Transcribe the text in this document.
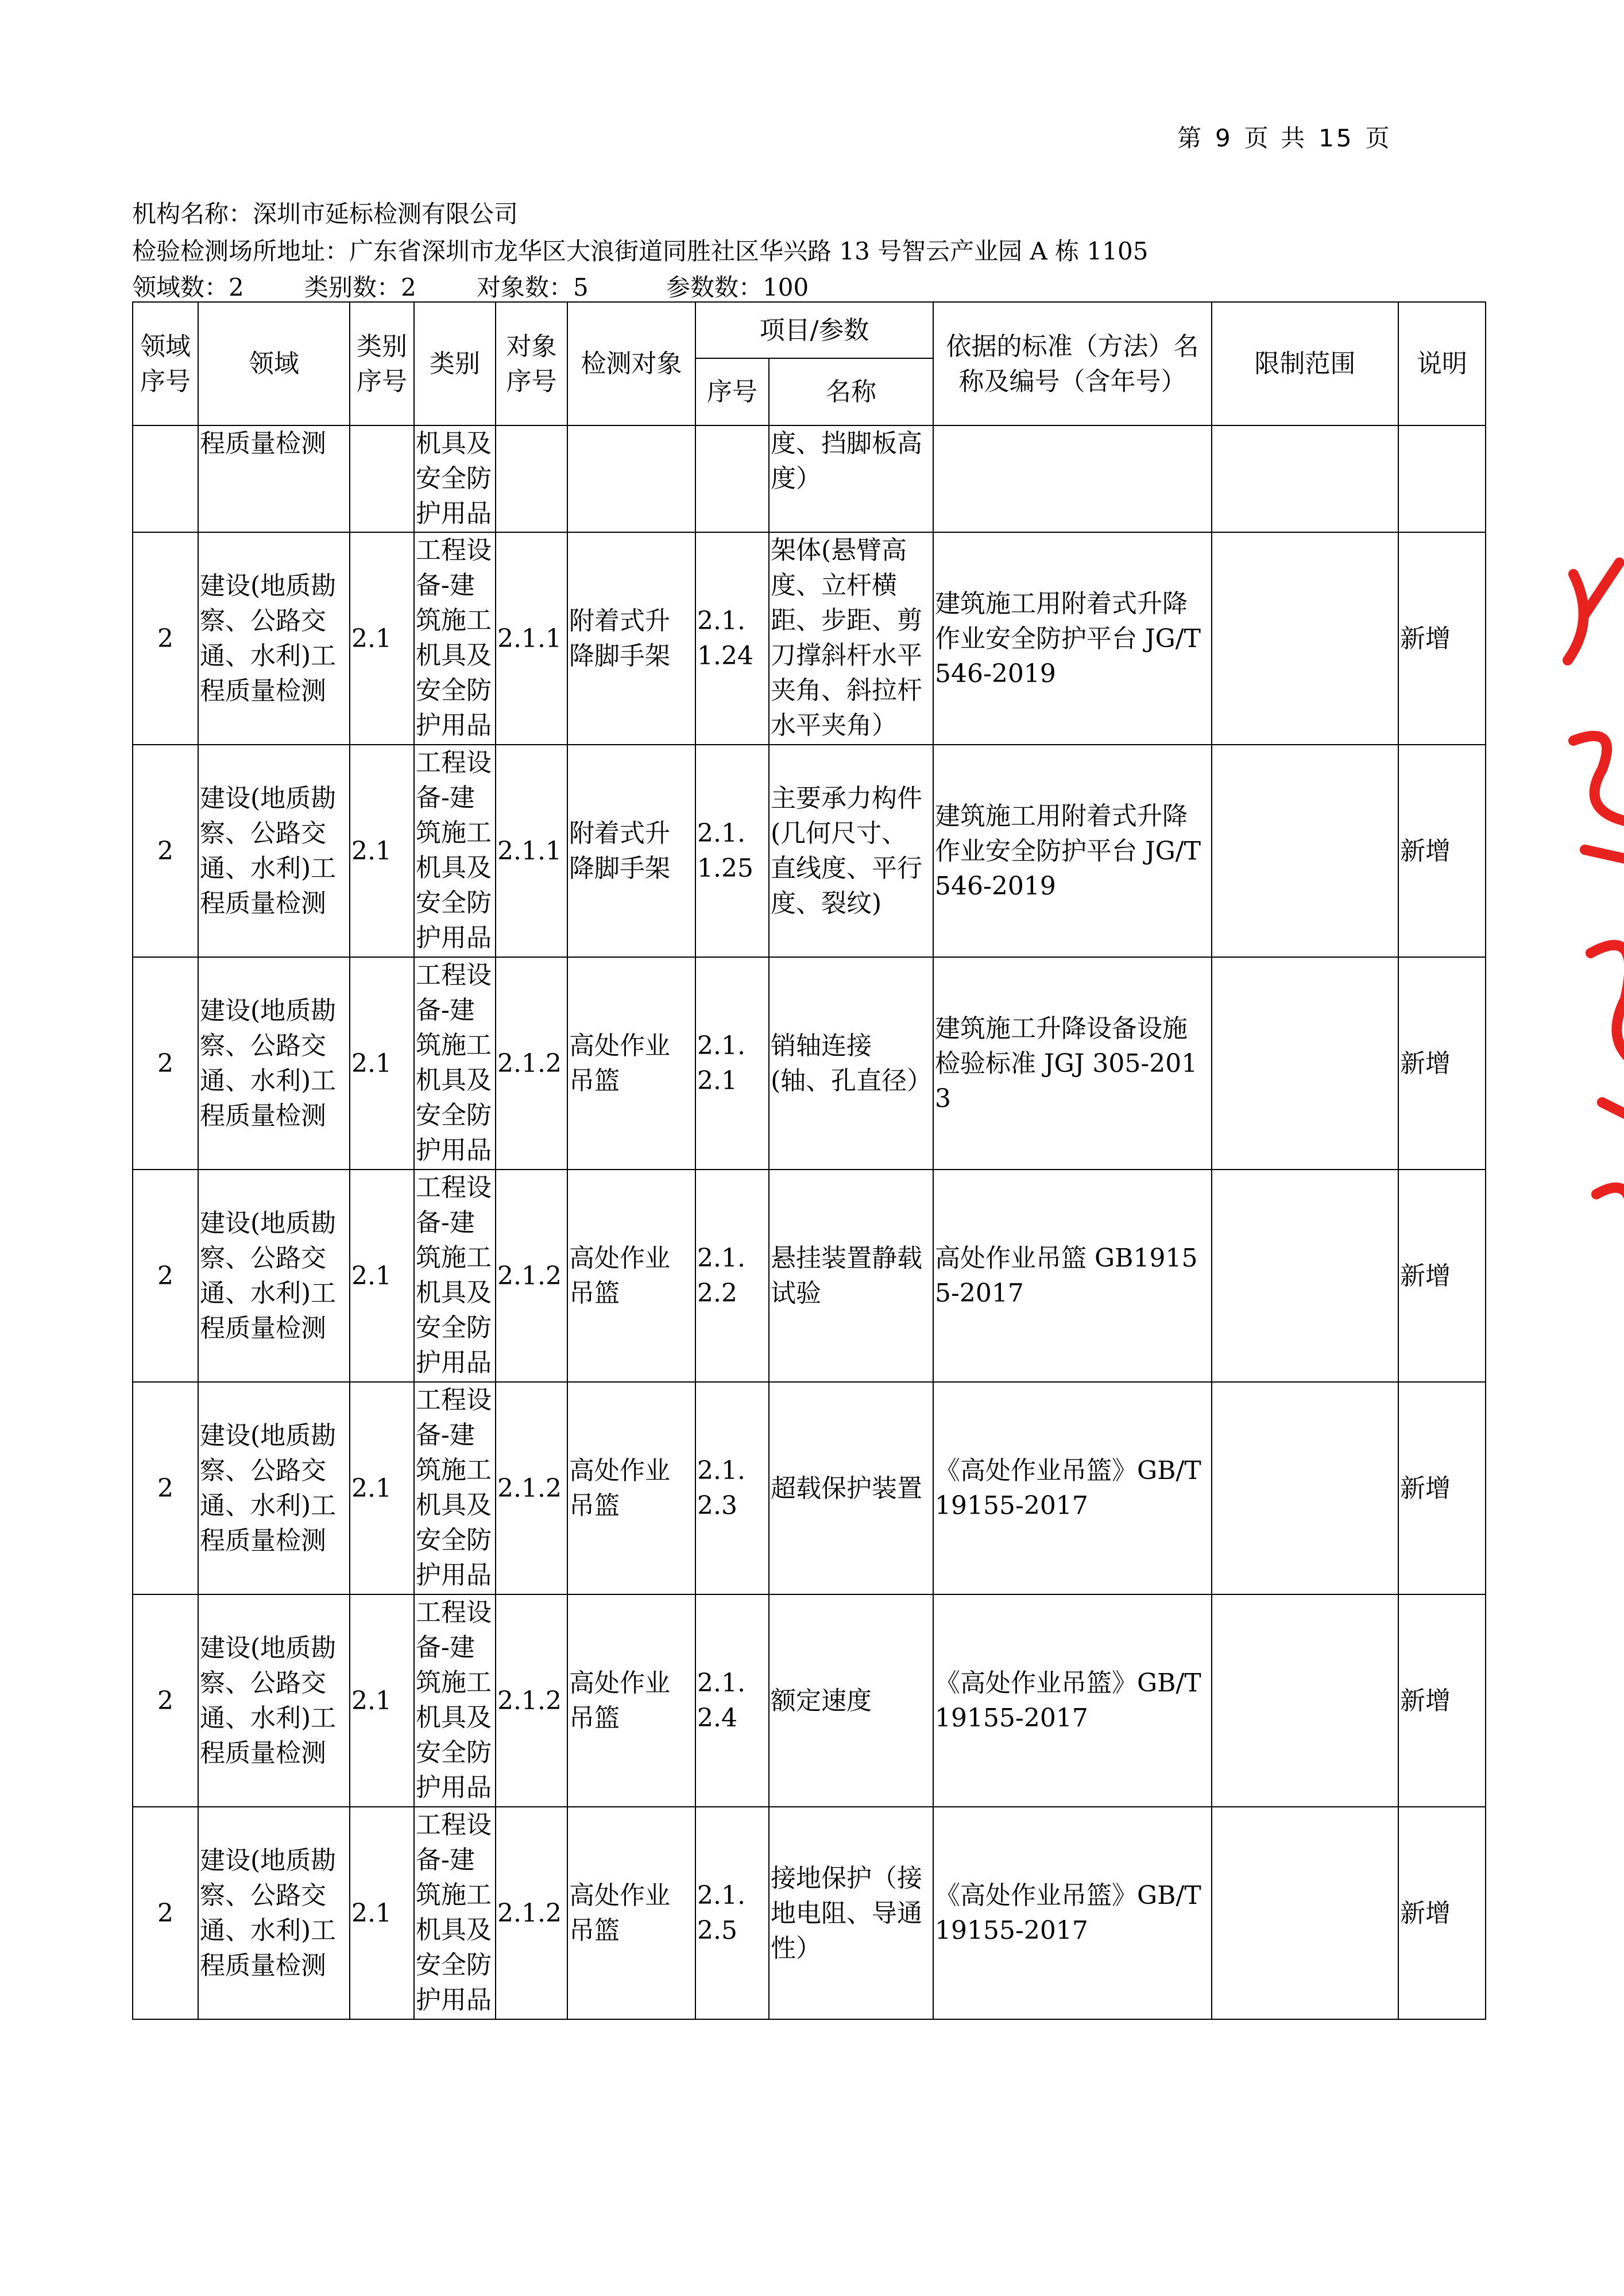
第 9 页 共 15 页
机构名称：深圳市延标检测有限公司
检验检测场所地址：广东省深圳市龙华区大浪街道同胜社区华兴路 13 号智云产业园 A 栋 1105
领域数：2	类别数：2	对象数：5	参数数：100
领域序号	领域	类别序号	类别	对象序号	检测对象	项目/参数		依据的标准（方法）名称及编号（含年号）	限制范围	说明
						序号	名称			
	程质量检测		机具及安全防护用品				度、挡脚板高度）			
2	建设(地质勘察、公路交通、水利)工程质量检测	2.1	工程设备-建筑施工机具及安全防护用品	2.1.1	附着式升降脚手架	2.1.1.24	架体(悬臂高度、立杆横距、步距、剪刀撑斜杆水平夹角、斜拉杆水平夹角）	建筑施工用附着式升降作业安全防护平台 JG/T 546-2019		新增
2	建设(地质勘察、公路交通、水利)工程质量检测	2.1	工程设备-建筑施工机具及安全防护用品	2.1.1	附着式升降脚手架	2.1.1.25	主要承力构件(几何尺寸、直线度、平行度、裂纹)	建筑施工用附着式升降作业安全防护平台 JG/T 546-2019		新增
2	建设(地质勘察、公路交通、水利)工程质量检测	2.1	工程设备-建筑施工机具及安全防护用品	2.1.2	高处作业吊篮	2.1.2.1	销轴连接(轴、孔直径）	建筑施工升降设备设施检验标准 JGJ 305-2013		新增
2	建设(地质勘察、公路交通、水利)工程质量检测	2.1	工程设备-建筑施工机具及安全防护用品	2.1.2	高处作业吊篮	2.1.2.2	悬挂装置静载试验	高处作业吊篮 GB19155-2017		新增
2	建设(地质勘察、公路交通、水利)工程质量检测	2.1	工程设备-建筑施工机具及安全防护用品	2.1.2	高处作业吊篮	2.1.2.3	超载保护装置	《高处作业吊篮》GB/T 19155-2017		新增
2	建设(地质勘察、公路交通、水利)工程质量检测	2.1	工程设备-建筑施工机具及安全防护用品	2.1.2	高处作业吊篮	2.1.2.4	额定速度	《高处作业吊篮》GB/T 19155-2017		新增
2	建设(地质勘察、公路交通、水利)工程质量检测	2.1	工程设备-建筑施工机具及安全防护用品	2.1.2	高处作业吊篮	2.1.2.5	接地保护（接地电阻、导通性）	《高处作业吊篮》GB/T 19155-2017		新增
